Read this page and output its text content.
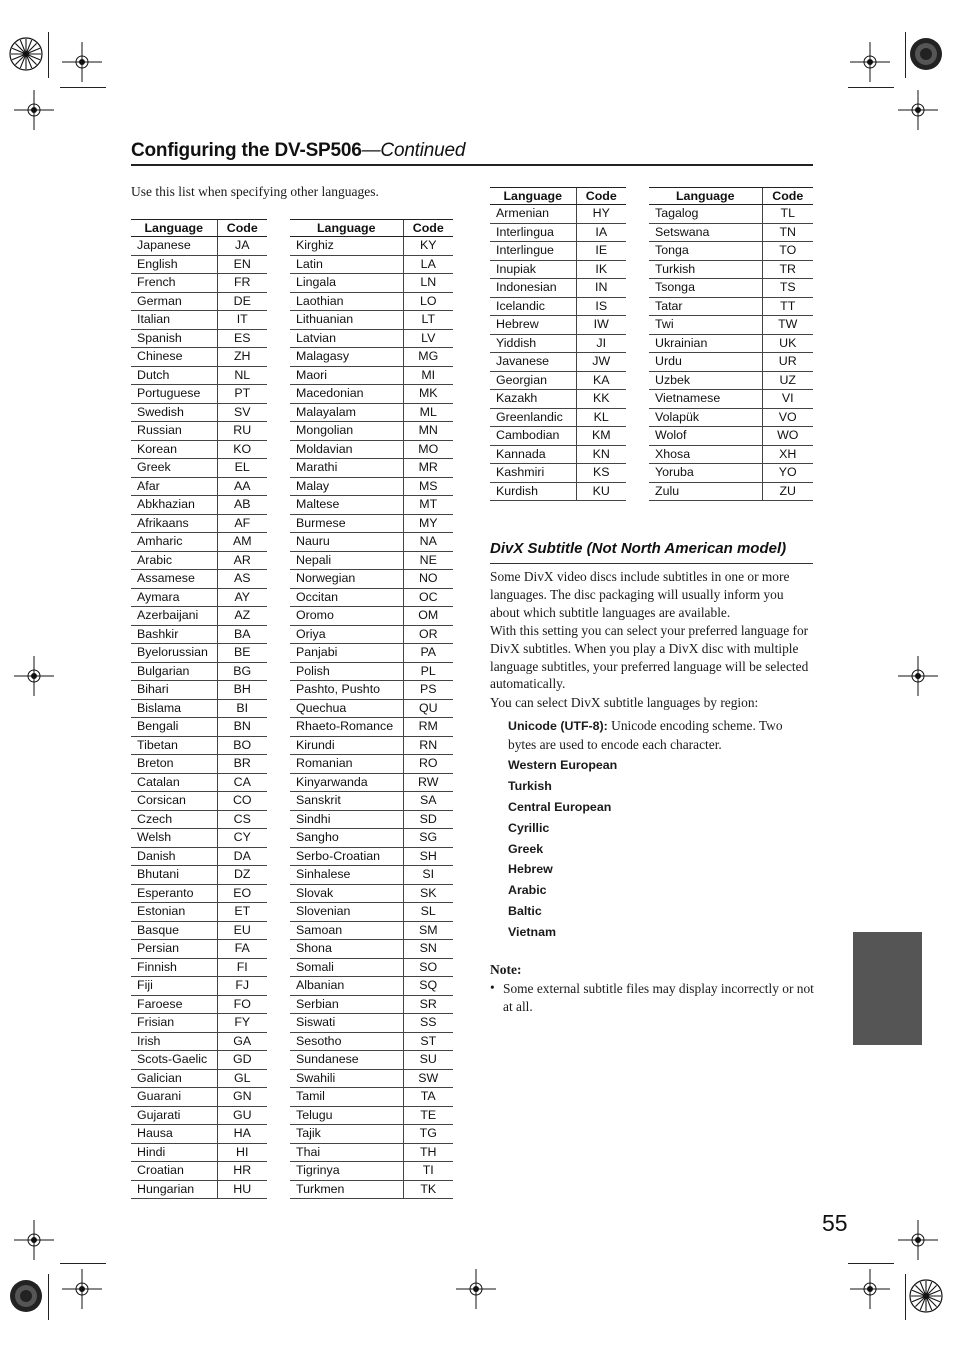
Configuring the DV-SP506—Continued
Use this list when specifying other languages.
Language	Code
Japanese	JA
English	EN
French	FR
German	DE
Italian	IT
Spanish	ES
Chinese	ZH
Dutch	NL
Portuguese	PT
Swedish	SV
Russian	RU
Korean	KO
Greek	EL
Afar	AA
Abkhazian	AB
Afrikaans	AF
Amharic	AM
Arabic	AR
Assamese	AS
Aymara	AY
Azerbaijani	AZ
Bashkir	BA
Byelorussian	BE
Bulgarian	BG
Bihari	BH
Bislama	BI
Bengali	BN
Tibetan	BO
Breton	BR
Catalan	CA
Corsican	CO
Czech	CS
Welsh	CY
Danish	DA
Bhutani	DZ
Esperanto	EO
Estonian	ET
Basque	EU
Persian	FA
Finnish	FI
Fiji	FJ
Faroese	FO
Frisian	FY
Irish	GA
Scots-Gaelic	GD
Galician	GL
Guarani	GN
Gujarati	GU
Hausa	HA
Hindi	HI
Croatian	HR
Hungarian	HU
Language	Code
Kirghiz	KY
Latin	LA
Lingala	LN
Laothian	LO
Lithuanian	LT
Latvian	LV
Malagasy	MG
Maori	MI
Macedonian	MK
Malayalam	ML
Mongolian	MN
Moldavian	MO
Marathi	MR
Malay	MS
Maltese	MT
Burmese	MY
Nauru	NA
Nepali	NE
Norwegian	NO
Occitan	OC
Oromo	OM
Oriya	OR
Panjabi	PA
Polish	PL
Pashto, Pushto	PS
Quechua	QU
Rhaeto-Romance	RM
Kirundi	RN
Romanian	RO
Kinyarwanda	RW
Sanskrit	SA
Sindhi	SD
Sangho	SG
Serbo-Croatian	SH
Sinhalese	SI
Slovak	SK
Slovenian	SL
Samoan	SM
Shona	SN
Somali	SO
Albanian	SQ
Serbian	SR
Siswati	SS
Sesotho	ST
Sundanese	SU
Swahili	SW
Tamil	TA
Telugu	TE
Tajik	TG
Thai	TH
Tigrinya	TI
Turkmen	TK
Language	Code
Armenian	HY
Interlingua	IA
Interlingue	IE
Inupiak	IK
Indonesian	IN
Icelandic	IS
Hebrew	IW
Yiddish	JI
Javanese	JW
Georgian	KA
Kazakh	KK
Greenlandic	KL
Cambodian	KM
Kannada	KN
Kashmiri	KS
Kurdish	KU
Language	Code
Tagalog	TL
Setswana	TN
Tonga	TO
Turkish	TR
Tsonga	TS
Tatar	TT
Twi	TW
Ukrainian	UK
Urdu	UR
Uzbek	UZ
Vietnamese	VI
Volapük	VO
Wolof	WO
Xhosa	XH
Yoruba	YO
Zulu	ZU
DivX Subtitle (Not North American model)
Some DivX video discs include subtitles in one or more languages. The disc packaging will usually inform you about which subtitle languages are available.
With this setting you can select your preferred language for DivX subtitles. When you play a DivX disc with multiple language subtitles, your preferred language will be selected automatically.
You can select DivX subtitle languages by region:
Unicode (UTF-8): Unicode encoding scheme. Two bytes are used to encode each character.
Western European
Turkish
Central European
Cyrillic
Greek
Hebrew
Arabic
Baltic
Vietnam
Note:
• Some external subtitle files may display incorrectly or not at all.
55
